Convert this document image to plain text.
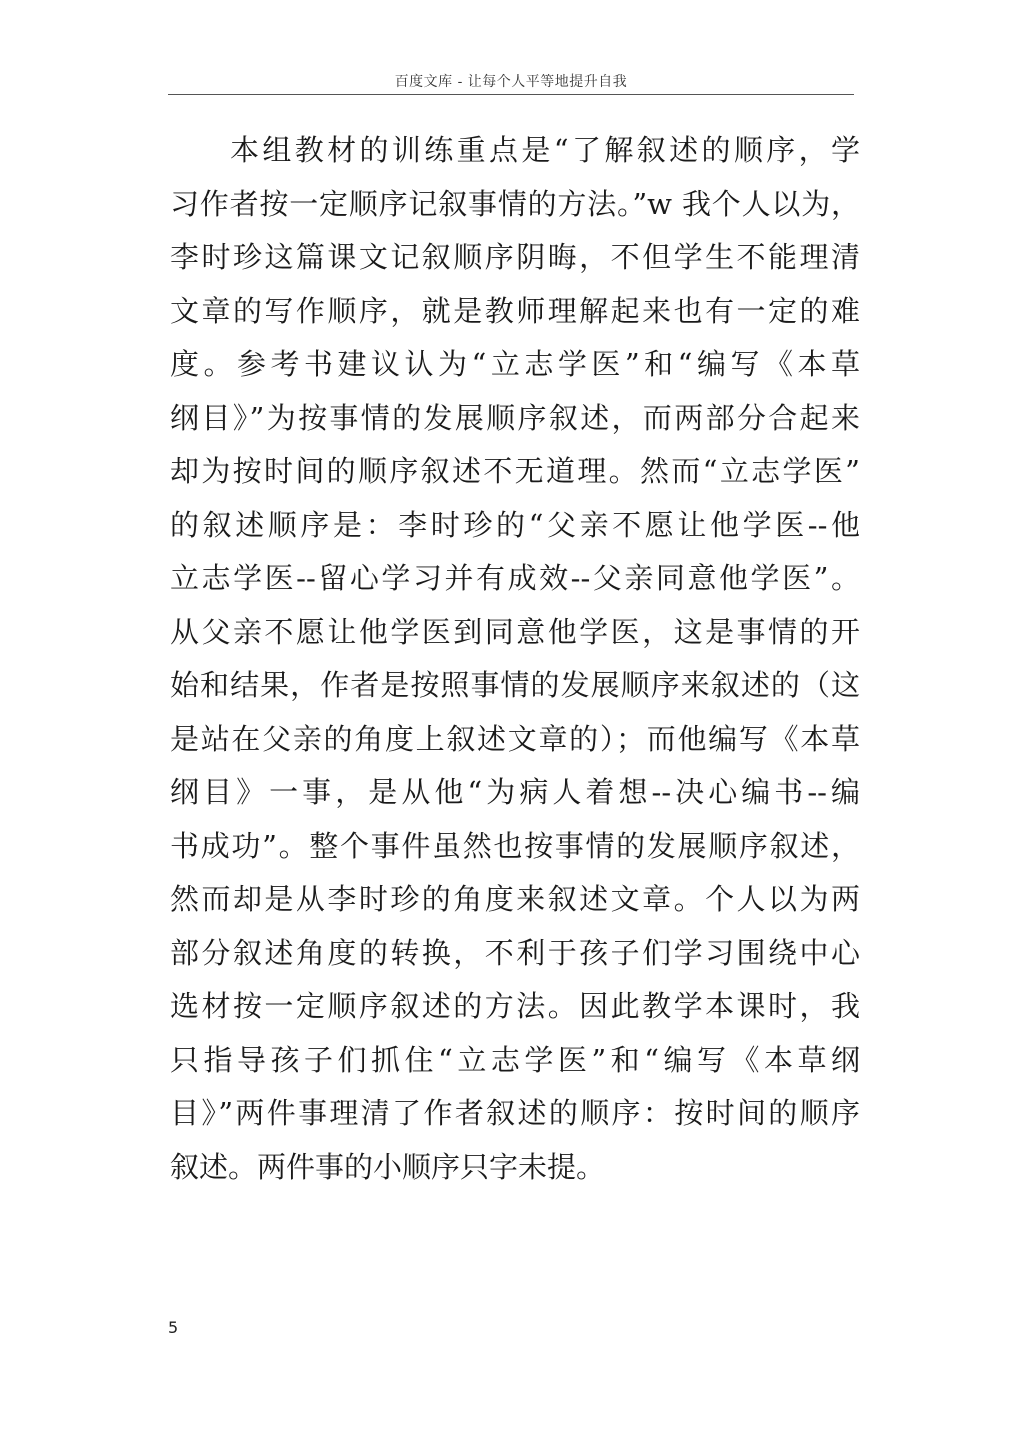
百度文库 - 让每个人平等地提升自我
本组教材的训练重点是“了解叙述的顺序，学
习作者按一定顺序记叙事情的方法。”w 我个人以为，
李时珍这篇课文记叙顺序阴晦，不但学生不能理清
文章的写作顺序，就是教师理解起来也有一定的难
度。参考书建议认为“立志学医”和“编写《本草
纲目》”为按事情的发展顺序叙述，而两部分合起来
却为按时间的顺序叙述不无道理。然而“立志学医”
的叙述顺序是：李时珍的“父亲不愿让他学医--他
立志学医--留心学习并有成效--父亲同意他学医”。
从父亲不愿让他学医到同意他学医，这是事情的开
始和结果，作者是按照事情的发展顺序来叙述的（这
是站在父亲的角度上叙述文章的）；而他编写《本草
纲目》一事，是从他“为病人着想--决心编书--编
书成功”。整个事件虽然也按事情的发展顺序叙述，
然而却是从李时珍的角度来叙述文章。个人以为两
部分叙述角度的转换，不利于孩子们学习围绕中心
选材按一定顺序叙述的方法。因此教学本课时，我
只指导孩子们抓住“立志学医”和“编写《本草纲
目》”两件事理清了作者叙述的顺序：按时间的顺序
叙述。两件事的小顺序只字未提。
5
